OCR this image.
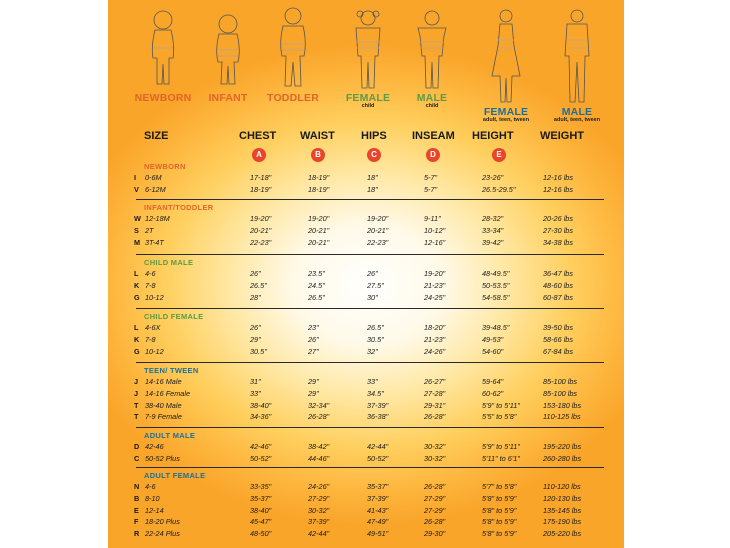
NEWBORN	INFANT	TODDLER	FEMALE
child
MALE
child	FEMALE
adult, teen, tween
MALE
adult, teen, tween
SIZE	CHEST WAIST HIPS INSEAM HEIGHT WEIGHT
A	B	C	D	E
NEWBORN
I 0-6M	17-18"	18-19"	18"	5-7"	23-26"	12-16 lbs
V 6-12M	18-19"	18-19"	18"	5-7"	26.5-29.5"	12-16 lbs
INFANT/TODDLER
W 12-18M	19-20"	19-20"	19-20"	9-11"	28-32"	20-26 lbs
S 2T	20-21"	20-21"	20-21"	10-12"	33-34"	27-30 lbs
M 3T-4T	22-23"	20-21"	22-23"	12-16"	39-42"	34-38 lbs
CHILD MALE
L 4-6	26"	23.5"	26"	19-20"	48-49.5"	36-47 lbs
K 7-8	26.5"	24.5"	27.5"	21-23"	50-53.5"	48-60 lbs
G 10-12	28"	26.5"	30"	24-25"	54-58.5"	60-87 lbs
CHILD FEMALE
L 4-6X	26"	23"	26.5"	18-20"	39-48.5"	39-50 lbs
K 7-8	29"	26"	30.5"	21-23"	49-53"	58-66 lbs
G 10-12	30.5"	27"	32"	24-26"	54-60"	67-84 lbs
TEEN/ TWEEN
J 14-16 Male	31"	29"	33"	26-27"	59-64"	85-100 lbs
J 14-16 Female	33"	29"	34.5"	27-28"	60-62"	85-100 lbs
T 38-40 Male	38-40"	32-34"	37-39"	29-31"	5'9" to 5'11"	153-180 lbs
T 7-9 Female	34-36"	26-28"	36-38"	26-28"	5'5" to 5'8"	110-125 lbs
ADULT MALE
D 42-46	42-46"	38-42"	42-44"	30-32"	5'9" to 5'11"	195-220 lbs
C 50-52 Plus	50-52"	44-46"	50-52"	30-32"	5'11" to 6'1"	260-280 lbs
ADULT FEMALE
N 4-6	33-35"	24-26"	35-37"	26-28"	5'7" to 5'8"	110-120 lbs
B 8-10	35-37"	27-29"	37-39"	27-29"	5'8" to 5'9"	120-130 lbs
E 12-14	38-40"	30-32"	41-43"	27-29"	5'8" to 5'9"	135-145 lbs
F 18-20 Plus	45-47"	37-39"	47-49"	26-28"	5'8" to 5'9"	175-190 lbs
R 22-24 Plus	48-50"	42-44"	49-51"	29-30"	5'8" to 5'9"	205-220 lbs
